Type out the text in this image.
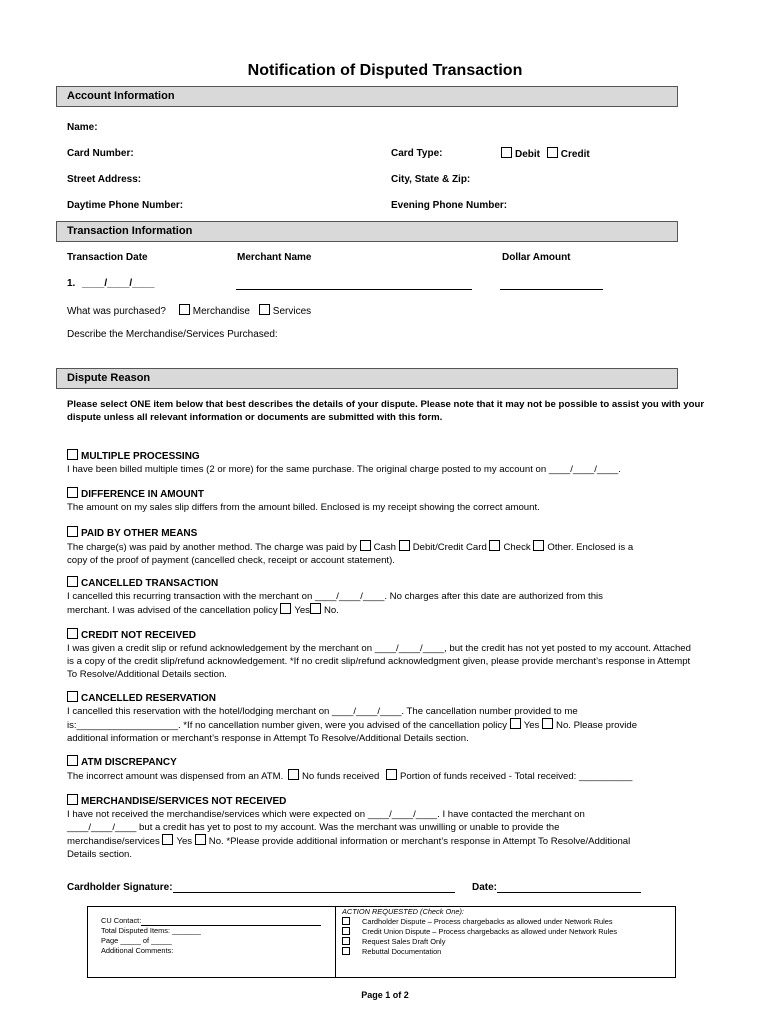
Notification of Disputed Transaction
Account Information
Name:
Card Number:	Card Type:	Debit Credit
Street Address:	City, State & Zip:
Daytime Phone Number:	Evening Phone Number:
Transaction Information
Transaction Date	Merchant Name	Dollar Amount
1. ____/____/____
What was purchased?	Merchandise Services
Describe the Merchandise/Services Purchased:
Dispute Reason
Please select ONE item below that best describes the details of your dispute. Please note that it may not be possible to assist you with your dispute unless all relevant information or documents are submitted with this form.
MULTIPLE PROCESSING
I have been billed multiple times (2 or more) for the same purchase. The original charge posted to my account on ____/____/____.
DIFFERENCE IN AMOUNT
The amount on my sales slip differs from the amount billed. Enclosed is my receipt showing the correct amount.
PAID BY OTHER MEANS
The charge(s) was paid by another method. The charge was paid by Cash Debit/Credit Card Check Other. Enclosed is a
copy of the proof of payment (cancelled check, receipt or account statement).
CANCELLED TRANSACTION
I cancelled this recurring transaction with the merchant on ____/____/____. No charges after this date are authorized from this
merchant. I was advised of the cancellation policy Yes No.
CREDIT NOT RECEIVED
I was given a credit slip or refund acknowledgement by the merchant on ____/____/____, but the credit has not yet posted to my account. Attached is a copy of the credit slip/refund acknowledgement. *If no credit slip/refund acknowledgment given, please provide merchant’s response in Attempt To Resolve/Additional Details section.
CANCELLED RESERVATION
I cancelled this reservation with the hotel/lodging merchant on ____/____/____. The cancellation number provided to me
is:___________________. *If no cancellation number given, were you advised of the cancellation policy Yes No. Please provide
additional information or merchant’s response in Attempt To Resolve/Additional Details section.
ATM DISCREPANCY
The incorrect amount was dispensed from an ATM. No funds received Portion of funds received - Total received: __________
MERCHANDISE/SERVICES NOT RECEIVED
I have not received the merchandise/services which were expected on ____/____/____. I have contacted the merchant on
____/____/____ but a credit has yet to post to my account. Was the merchant was unwilling or unable to provide the
merchandise/services Yes No. *Please provide additional information or merchant’s response in Attempt To Resolve/Additional
Details section.
Cardholder Signature:	Date:
CU Contact:
Total Disputed Items: _______
Page _____ of _____
Additional Comments:
ACTION REQUESTED (Check One):
Cardholder Dispute – Process chargebacks as allowed under Network Rules
Credit Union Dispute – Process chargebacks as allowed under Network Rules
Request Sales Draft Only
Rebuttal Documentation
Page 1 of 2
